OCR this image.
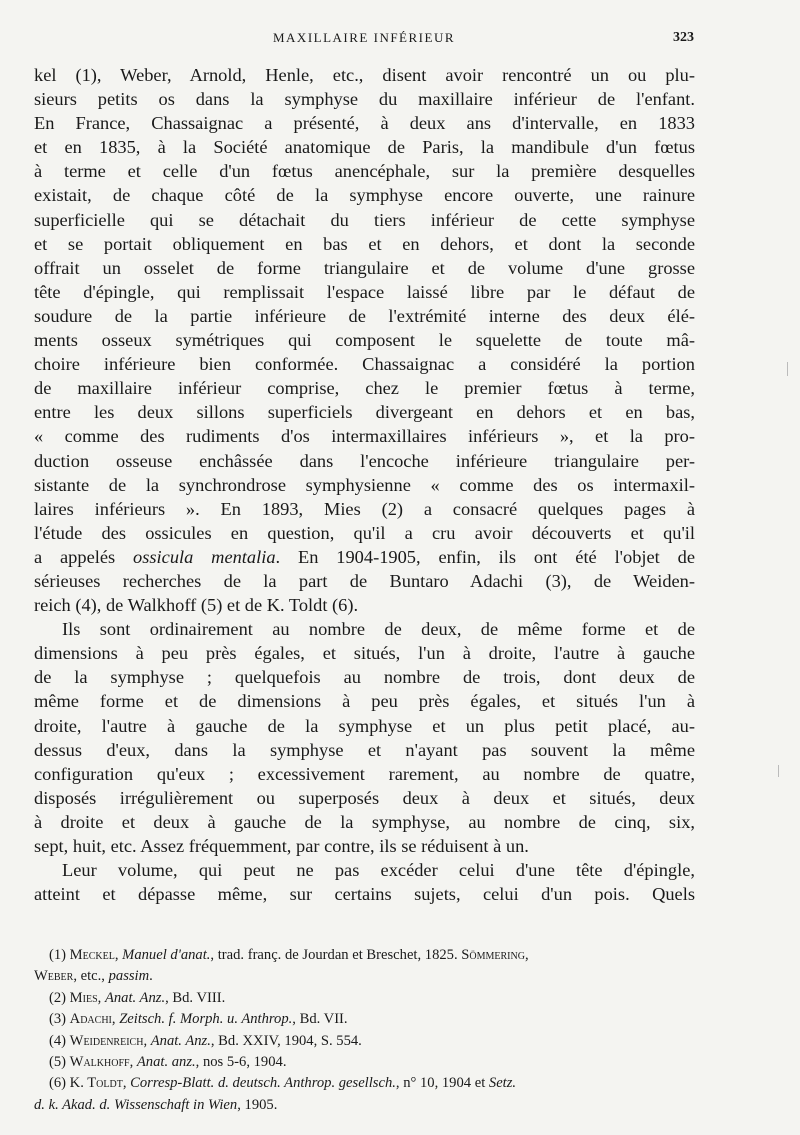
MAXILLAIRE INFÉRIEUR	323

kel (1), Weber, Arnold, Henle, etc., disent avoir rencontré un ou plu-
sieurs petits os dans la symphyse du maxillaire inférieur de l'enfant.
En France, Chassaignac a présenté, à deux ans d'intervalle, en 1833
et en 1835, à la Société anatomique de Paris, la mandibule d'un fœtus
à terme et celle d'un fœtus anencéphale, sur la première desquelles
existait, de chaque côté de la symphyse encore ouverte, une rainure
superficielle qui se détachait du tiers inférieur de cette symphyse
et se portait obliquement en bas et en dehors, et dont la seconde
offrait un osselet de forme triangulaire et de volume d'une grosse
tête d'épingle, qui remplissait l'espace laissé libre par le défaut de
soudure de la partie inférieure de l'extrémité interne des deux élé-
ments osseux symétriques qui composent le squelette de toute mâ-
choire inférieure bien conformée. Chassaignac a considéré la portion
de maxillaire inférieur comprise, chez le premier fœtus à terme,
entre les deux sillons superficiels divergeant en dehors et en bas,
« comme des rudiments d'os intermaxillaires inférieurs », et la pro-
duction osseuse enchâssée dans l'encoche inférieure triangulaire per-
sistante de la synchrondrose symphysienne « comme des os intermaxil-
laires inférieurs ». En 1893, Mies (2) a consacré quelques pages à
l'étude des ossicules en question, qu'il a cru avoir découverts et qu'il
a appelés ossicula mentalia. En 1904-1905, enfin, ils ont été l'objet de
sérieuses recherches de la part de Buntaro Adachi (3), de Weiden-
reich (4), de Walkhoff (5) et de K. Toldt (6).

Ils sont ordinairement au nombre de deux, de même forme et de
dimensions à peu près égales, et situés, l'un à droite, l'autre à gauche
de la symphyse ; quelquefois au nombre de trois, dont deux de
même forme et de dimensions à peu près égales, et situés l'un à
droite, l'autre à gauche de la symphyse et un plus petit placé, au-
dessus d'eux, dans la symphyse et n'ayant pas souvent la même
configuration qu'eux ; excessivement rarement, au nombre de quatre,
disposés irrégulièrement ou superposés deux à deux et situés, deux
à droite et deux à gauche de la symphyse, au nombre de cinq, six,
sept, huit, etc. Assez fréquemment, par contre, ils se réduisent à un.

Leur volume, qui peut ne pas excéder celui d'une tête d'épingle,
atteint et dépasse même, sur certains sujets, celui d'un pois. Quels

(1) Meckel, Manuel d'anat., trad. franç. de Jourdan et Breschet, 1825. Sömmering,
Weber, etc., passim.
(2) Mies, Anat. Anz., Bd. VIII.
(3) Adachi, Zeitsch. f. Morph. u. Anthrop., Bd. VII.
(4) Weidenreich, Anat. Anz., Bd. XXIV, 1904, S. 554.
(5) Walkhoff, Anat. anz., nos 5-6, 1904.
(6) K. Toldt, Corresp-Blatt. d. deutsch. Anthrop. gesellsch., n° 10, 1904 et Setz.
d. k. Akad. d. Wissenschaft in Wien, 1905.
